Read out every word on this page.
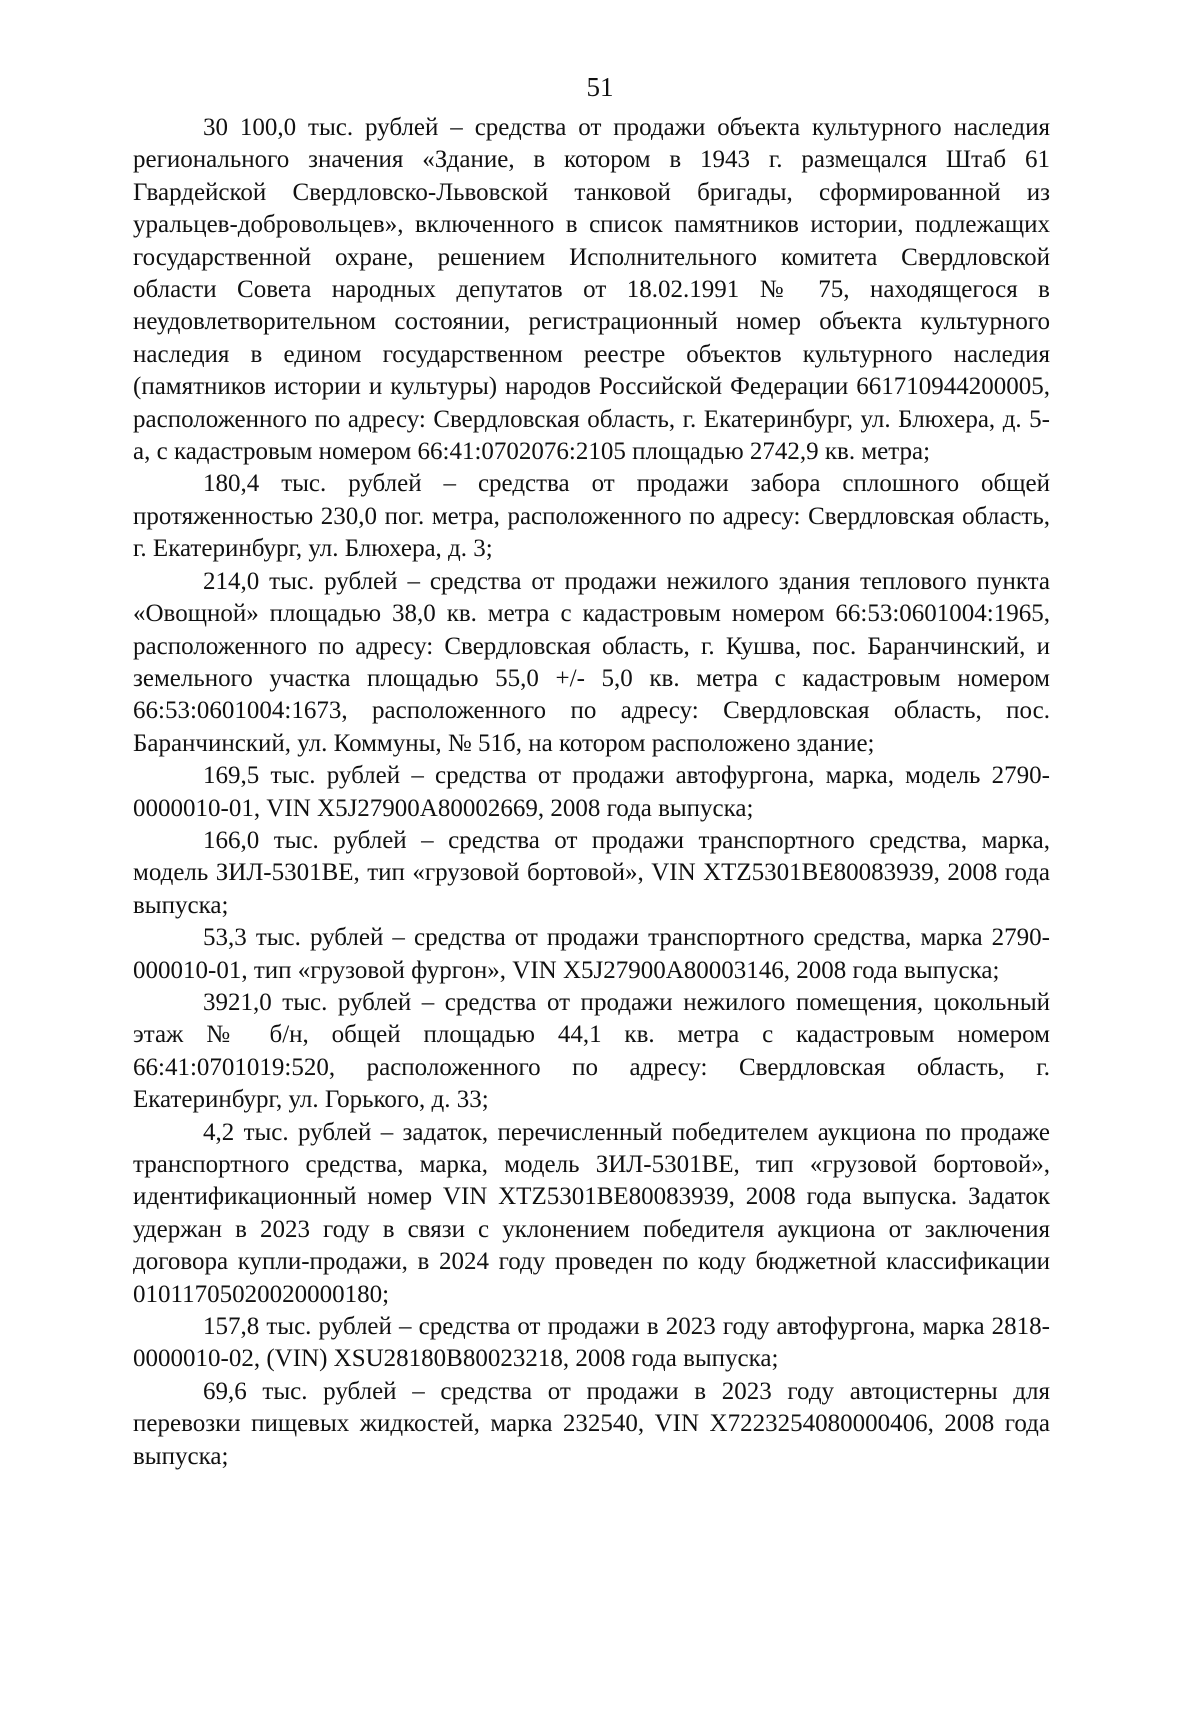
51

30 100,0 тыс. рублей – средства от продажи объекта культурного наследия регионального значения «Здание, в котором в 1943 г. размещался Штаб 61 Гвардейской Свердловско-Львовской танковой бригады, сформированной из уральцев-добровольцев», включенного в список памятников истории, подлежащих государственной охране, решением Исполнительного комитета Свердловской области Совета народных депутатов от 18.02.1991 № 75, находящегося в неудовлетворительном состоянии, регистрационный номер объекта культурного наследия в едином государственном реестре объектов культурного наследия (памятников истории и культуры) народов Российской Федерации 661710944200005, расположенного по адресу: Свердловская область, г. Екатеринбург, ул. Блюхера, д. 5-а, с кадастровым номером 66:41:0702076:2105 площадью 2742,9 кв. метра;

180,4 тыс. рублей – средства от продажи забора сплошного общей протяженностью 230,0 пог. метра, расположенного по адресу: Свердловская область, г. Екатеринбург, ул. Блюхера, д. 3;

214,0 тыс. рублей – средства от продажи нежилого здания теплового пункта «Овощной» площадью 38,0 кв. метра с кадастровым номером 66:53:0601004:1965, расположенного по адресу: Свердловская область, г. Кушва, пос. Баранчинский, и земельного участка площадью 55,0 +/- 5,0 кв. метра с кадастровым номером 66:53:0601004:1673, расположенного по адресу: Свердловская область, пос. Баранчинский, ул. Коммуны, № 51б, на котором расположено здание;

169,5 тыс. рублей – средства от продажи автофургона, марка, модель 2790-0000010-01, VIN X5J27900A80002669, 2008 года выпуска;

166,0 тыс. рублей – средства от продажи транспортного средства, марка, модель ЗИЛ-5301ВЕ, тип «грузовой бортовой», VIN XTZ5301BE80083939, 2008 года выпуска;

53,3 тыс. рублей – средства от продажи транспортного средства, марка 2790-000010-01, тип «грузовой фургон», VIN X5J27900A80003146, 2008 года выпуска;

3921,0 тыс. рублей – средства от продажи нежилого помещения, цокольный этаж № б/н, общей площадью 44,1 кв. метра с кадастровым номером 66:41:0701019:520, расположенного по адресу: Свердловская область, г. Екатеринбург, ул. Горького, д. 33;

4,2 тыс. рублей – задаток, перечисленный победителем аукциона по продаже транспортного средства, марка, модель ЗИЛ-5301ВЕ, тип «грузовой бортовой», идентификационный номер VIN XTZ5301BE80083939, 2008 года выпуска. Задаток удержан в 2023 году в связи с уклонением победителя аукциона от заключения договора купли-продажи, в 2024 году проведен по коду бюджетной классификации 01011705020020000180;

157,8 тыс. рублей – средства от продажи в 2023 году автофургона, марка 2818-0000010-02, (VIN) XSU28180B80023218, 2008 года выпуска;

69,6 тыс. рублей – средства от продажи в 2023 году автоцистерны для перевозки пищевых жидкостей, марка 232540, VIN X7223254080000406, 2008 года выпуска;
